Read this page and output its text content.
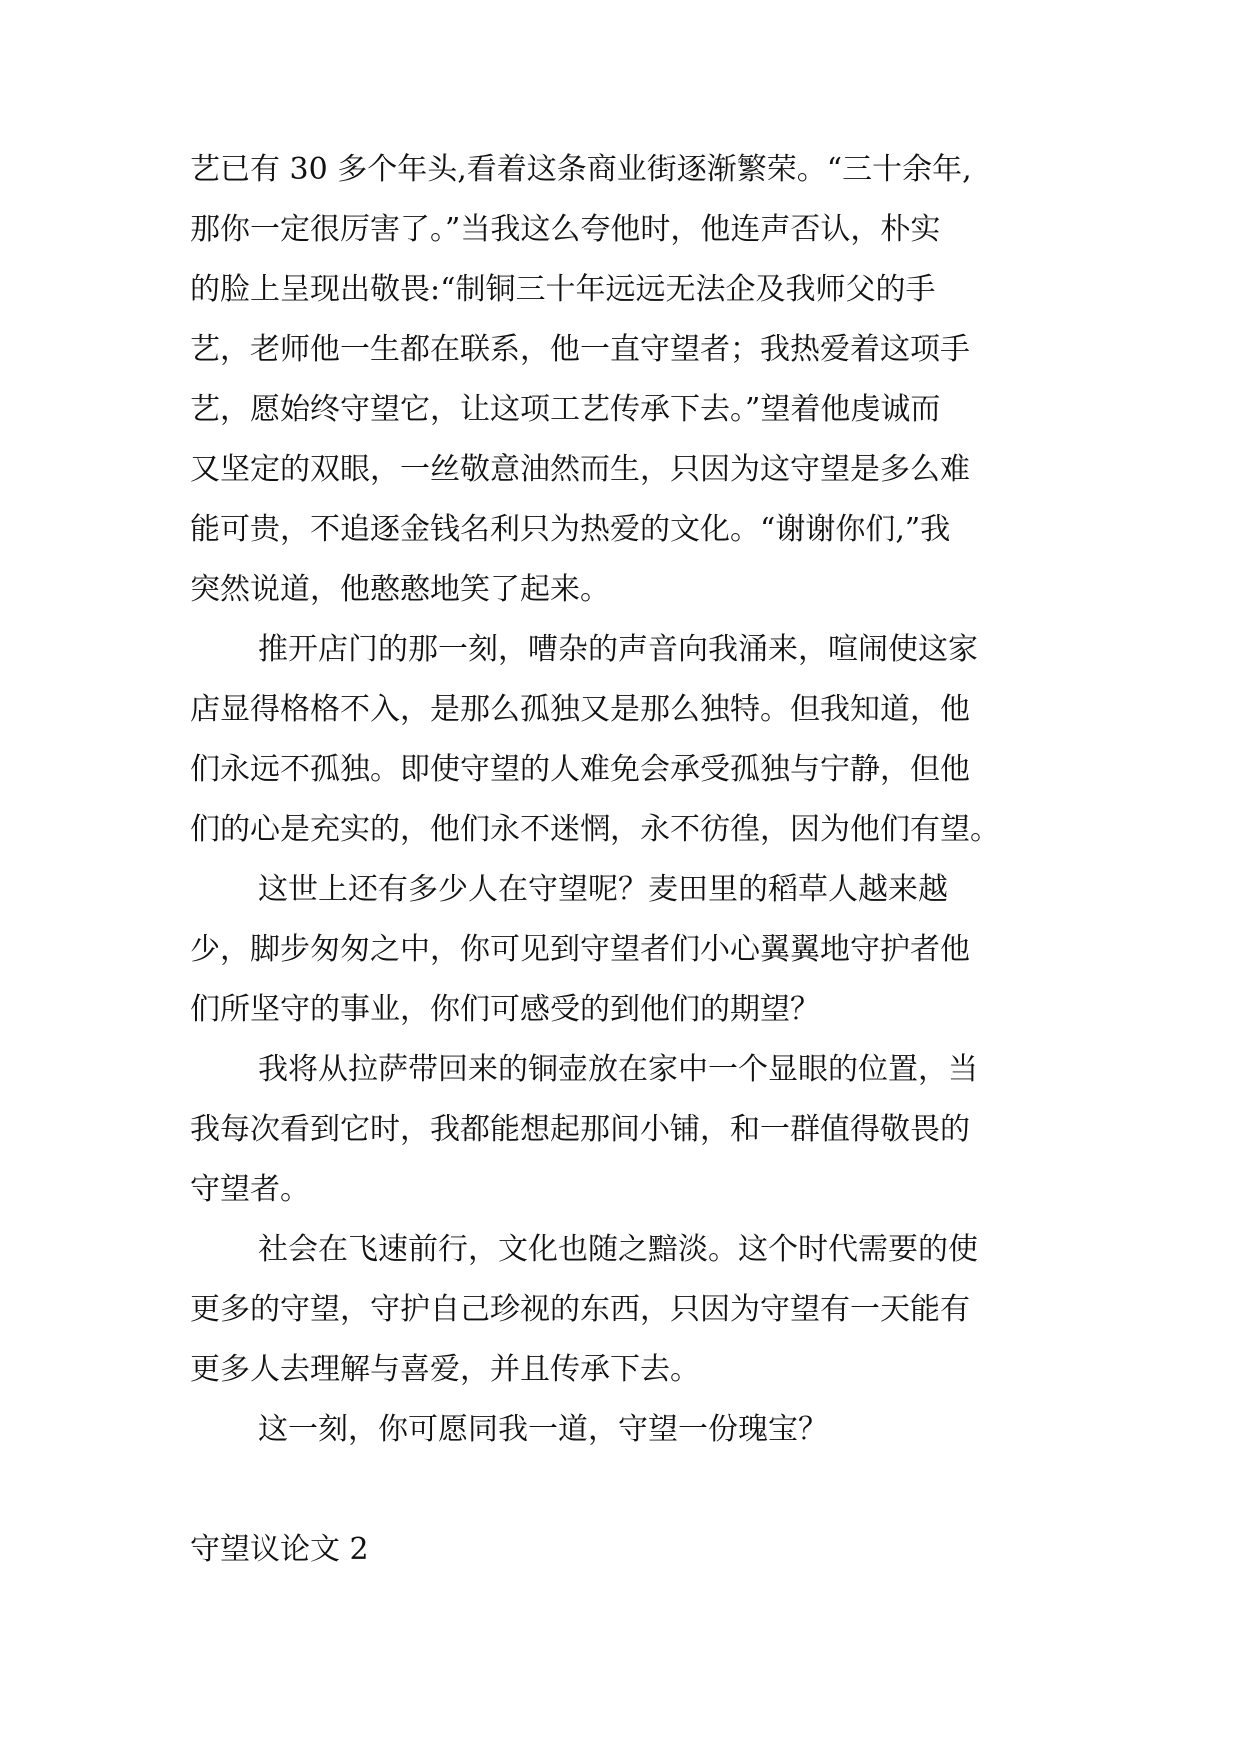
艺已有 30 多个年头,看着这条商业街逐渐繁荣。“三十余年,

那你一定很厉害了。”当我这么夸他时，他连声否认，朴实

的脸上呈现出敬畏:“制铜三十年远远无法企及我师父的手

艺，老师他一生都在联系，他一直守望者；我热爱着这项手

艺，愿始终守望它，让这项工艺传承下去。”望着他虔诚而

又坚定的双眼，一丝敬意油然而生，只因为这守望是多么难

能可贵，不追逐金钱名利只为热爱的文化。“谢谢你们,”我

突然说道，他憨憨地笑了起来。

推开店门的那一刻，嘈杂的声音向我涌来，喧闹使这家

店显得格格不入，是那么孤独又是那么独特。但我知道，他

们永远不孤独。即使守望的人难免会承受孤独与宁静，但他

们的心是充实的，他们永不迷惘，永不彷徨，因为他们有望。

这世上还有多少人在守望呢？麦田里的稻草人越来越

少，脚步匆匆之中，你可见到守望者们小心翼翼地守护者他

们所坚守的事业，你们可感受的到他们的期望？

我将从拉萨带回来的铜壶放在家中一个显眼的位置，当

我每次看到它时，我都能想起那间小铺，和一群值得敬畏的

守望者。

社会在飞速前行，文化也随之黯淡。这个时代需要的使

更多的守望，守护自己珍视的东西，只因为守望有一天能有

更多人去理解与喜爱，并且传承下去。

这一刻，你可愿同我一道，守望一份瑰宝？

守望议论文 2
